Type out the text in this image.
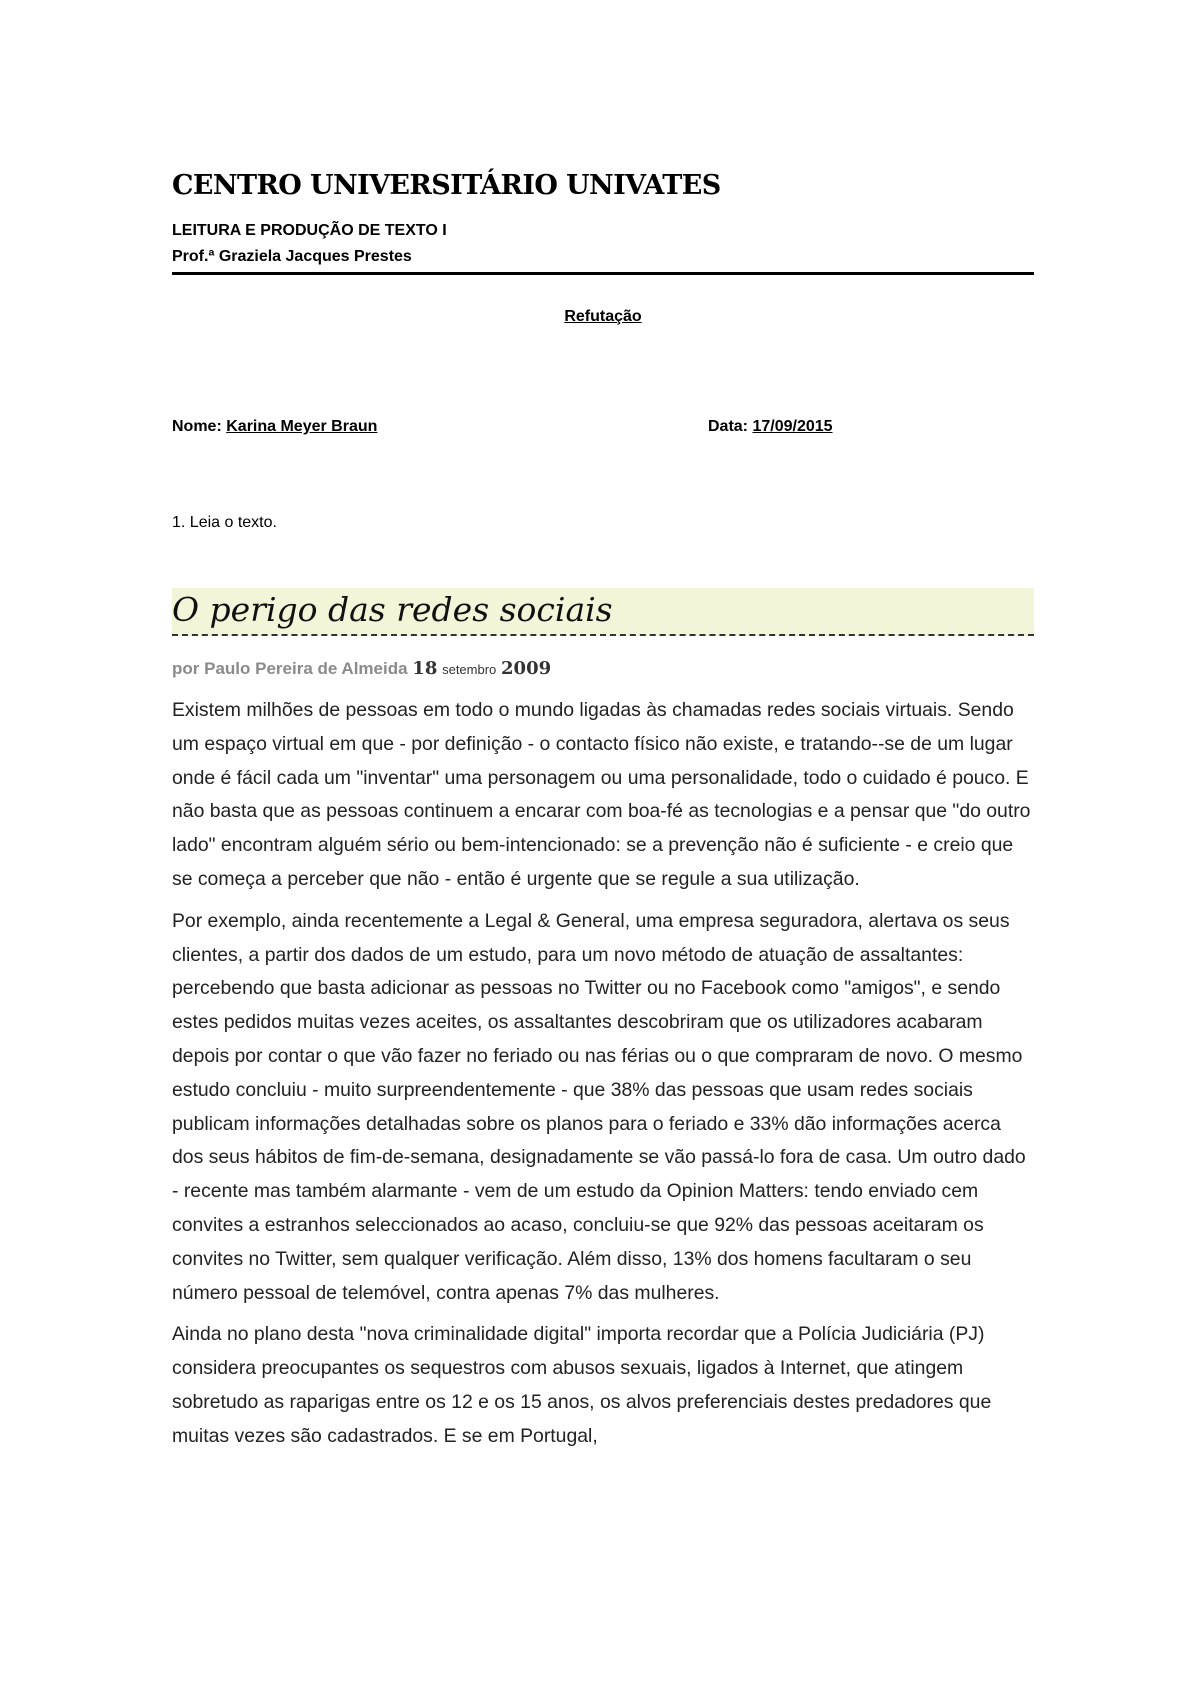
CENTRO UNIVERSITÁRIO UNIVATES
LEITURA E PRODUÇÃO DE TEXTO I
Prof.ª Graziela Jacques Prestes
Refutação
Nome: Karina Meyer Braun	Data: 17/09/2015
1. Leia o texto.
O perigo das redes sociais
por Paulo Pereira de Almeida 18 setembro 2009

Existem milhões de pessoas em todo o mundo ligadas às chamadas redes sociais virtuais. Sendo um espaço virtual em que - por definição - o contacto físico não existe, e tratando--se de um lugar onde é fácil cada um "inventar" uma personagem ou uma personalidade, todo o cuidado é pouco. E não basta que as pessoas continuem a encarar com boa-fé as tecnologias e a pensar que "do outro lado" encontram alguém sério ou bem-intencionado: se a prevenção não é suficiente - e creio que se começa a perceber que não - então é urgente que se regule a sua utilização.

Por exemplo, ainda recentemente a Legal & General, uma empresa seguradora, alertava os seus clientes, a partir dos dados de um estudo, para um novo método de atuação de assaltantes: percebendo que basta adicionar as pessoas no Twitter ou no Facebook como "amigos", e sendo estes pedidos muitas vezes aceites, os assaltantes descobriram que os utilizadores acabaram depois por contar o que vão fazer no feriado ou nas férias ou o que compraram de novo. O mesmo estudo concluiu - muito surpreendentemente - que 38% das pessoas que usam redes sociais publicam informações detalhadas sobre os planos para o feriado e 33% dão informações acerca dos seus hábitos de fim-de-semana, designadamente se vão passá-lo fora de casa. Um outro dado - recente mas também alarmante - vem de um estudo da Opinion Matters: tendo enviado cem convites a estranhos seleccionados ao acaso, concluiu-se que 92% das pessoas aceitaram os convites no Twitter, sem qualquer verificação. Além disso, 13% dos homens facultaram o seu número pessoal de telemóvel, contra apenas 7% das mulheres.

Ainda no plano desta "nova criminalidade digital" importa recordar que a Polícia Judiciária (PJ) considera preocupantes os sequestros com abusos sexuais, ligados à Internet, que atingem sobretudo as raparigas entre os 12 e os 15 anos, os alvos preferenciais destes predadores que muitas vezes são cadastrados. E se em Portugal,
